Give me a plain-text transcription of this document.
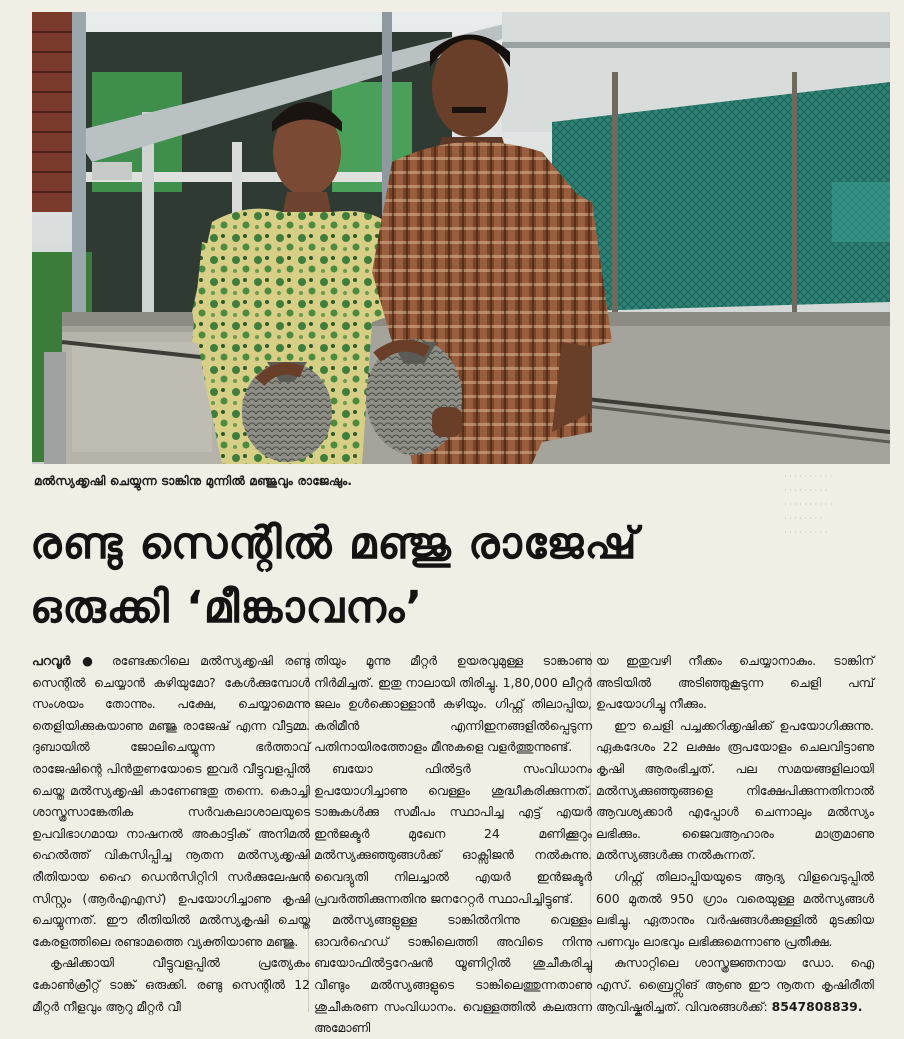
മൽസ്യക്കൃഷി ചെയ്യുന്ന ടാങ്കിനു മുന്നിൽ മഞ്ജുവും രാജേഷും.	· · · · · · · · · ·
· · · · · · · · ·
· · · · · · · · · ·
· · · · · · · ·
· · · · · · · · ·
രണ്ടു സെന്റിൽ മഞ്ജു രാജേഷ്
ഒരുക്കി ‘മീങ്കാവനം’

പറവൂർ ● രണ്ടേക്കറിലെ മൽസ്യക്കൃഷി രണ്ടു സെന്റിൽ ചെയ്യാൻ കഴിയുമോ? കേൾക്കുമ്പോൾ സംശയം തോന്നും. പക്ഷേ, ചെയ്യാമെന്നു തെളിയിക്കുകയാണു മഞ്ജു രാജേഷ് എന്ന വീട്ടമ്മ. ദുബായിൽ ജോലിചെയ്യുന്ന ഭർത്താവ് രാജേഷിന്റെ പിൻതുണയോടെ ഇവർ വീട്ടുവളപ്പിൽ ചെയ്ത മൽസ്യക്കൃഷി കാണേണ്ടതു തന്നെ. കൊച്ചി ശാസ്ത്രസാങ്കേതിക സർവകലാശാലയുടെ ഉപവിഭാഗമായ നാഷനൽ അകാട്ടിക് അനിമൽ ഹെൽത്ത് വികസിപ്പിച്ച നൂതന മൽസ്യക്കൃഷി രീതിയായ ഹൈ ഡെൻസിറ്റിറി സർക്കുലേഷൻ സിസ്റ്റം (ആർഎഎസ്) ഉപയോഗിച്ചാണു കൃഷി ചെയ്യുന്നത്. ഈ രീതിയിൽ മൽസ്യകൃഷി ചെയ്ത കേരളത്തിലെ രണ്ടാമത്തെ വ്യക്തിയാണു മഞ്ജു.

കൃഷിക്കായി വീട്ടുവളപ്പിൽ പ്രത്യേകം കോൺക്രീറ്റ് ടാങ്ക് ഒരുക്കി. രണ്ടു സെന്റിൽ 12 മീറ്റർ നീളവും ആറു മീറ്റർ വീ

തിയും മൂന്നു മീറ്റർ ഉയരവുമുള്ള ടാങ്കാണു നിർമിച്ചത്. ഇതു നാലായി തിരിച്ചു. 1,80,000 ലീറ്റർ ജലം ഉൾക്കൊള്ളാൻ കഴിയും. ഗിഫ്റ്റ് തിലാപ്പിയ, കരിമീൻ എന്നിഇനങ്ങളിൽപ്പെടുന്ന പതിനായിരത്തോളം മീനുകളെ വളർത്തുന്നുണ്ട്.

ബയോ ഫിൽട്ടർ സംവിധാനം ഉപയോഗിച്ചാണു വെള്ളം ശുദ്ധീകരിക്കുന്നത്. ടാങ്കുകൾക്കു സമീപം സ്ഥാപിച്ച എട്ട് എയർ ഇൻജക്ടർ മുഖേന 24 മണിക്കൂറും മൽസ്യക്കുഞ്ഞുങ്ങൾക്ക് ഓക്സിജൻ നൽകുന്നു. വൈദ്യുതി നിലച്ചാൽ എയർ ഇൻജക്ടർ പ്രവർത്തിക്കുന്നതിനു ജനറേറ്റർ സ്ഥാപിച്ചിട്ടുണ്ട്.

മൽസ്യങ്ങളുള്ള ടാങ്കിൽനിന്നു വെള്ളം ഓവർഹെഡ് ടാങ്കിലെത്തി അവിടെ നിന്നു ബയോഫിൽട്ടറേഷൻ യൂണിറ്റിൽ ശുചീകരിച്ചു വീണ്ടും മൽസ്യങ്ങളുടെ ടാങ്കിലെത്തുന്നതാണു ശുചീകരണ സംവിധാനം. വെള്ളത്തിൽ കലരുന്ന അമോണി

യ ഇതുവഴി നീക്കം ചെയ്യാനാകും. ടാങ്കിന് അടിയിൽ അടിഞ്ഞുകൂടുന്ന ചെളി പമ്പ് ഉപയോഗിച്ചു നീക്കും.

ഈ ചെളി പച്ചക്കറിക്കൃഷിക്ക് ഉപയോഗിക്കുന്നു. ഏകദേശം 22 ലക്ഷം രൂപയോളം ചെലവിട്ടാണു കൃഷി ആരംഭിച്ചത്. പല സമയങ്ങളിലായി മൽസ്യക്കുഞ്ഞുങ്ങളെ നിക്ഷേപിക്കുന്നതിനാൽ ആവശ്യക്കാർ എപ്പോൾ ചെന്നാലും മൽസ്യം ലഭിക്കും. ജൈവആഹാരം മാത്രമാണു മൽസ്യങ്ങൾക്കു നൽകുന്നത്.

ഗിഫ്റ്റ് തിലാപ്പിയയുടെ ആദ്യ വിളവെടുപ്പിൽ 600 മുതൽ 950 ഗ്രാം വരെയുള്ള മൽസ്യങ്ങൾ ലഭിച്ചു. ഏതാനും വർഷങ്ങൾക്കുള്ളിൽ മുടക്കിയ പണവും ലാഭവും ലഭിക്കുമെന്നാണു പ്രതീക്ഷ.

കുസാറ്റിലെ ശാസ്ത്രജ്ഞനായ ഡോ. ഐ എസ്. ബ്രൈറ്റ്സിങ് ആണു ഈ നൂതന കൃഷിരീതി ആവിഷ്കരിച്ചത്. വിവരങ്ങൾക്ക്: 8547808839.
